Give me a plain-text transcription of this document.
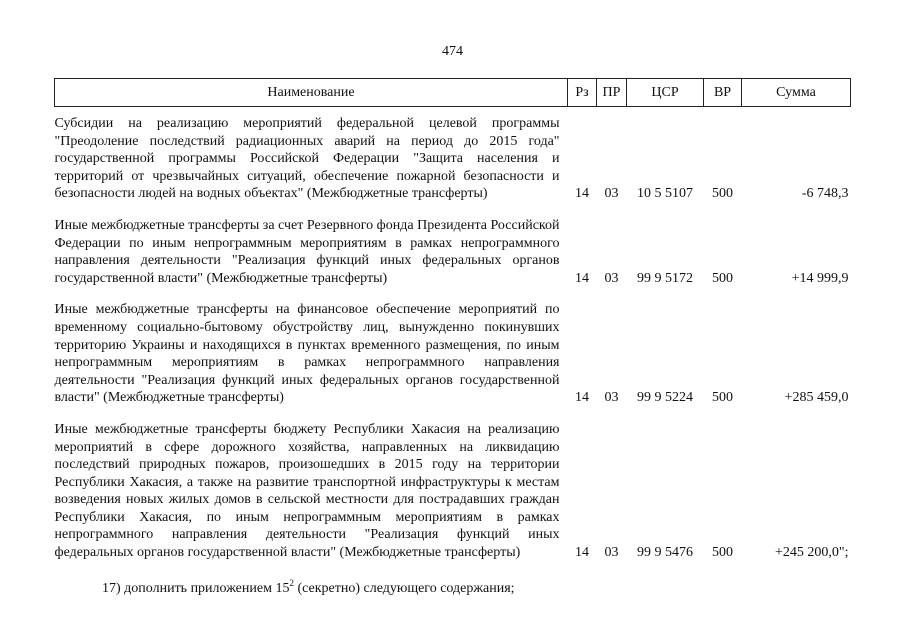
474
Наименование	Рз	ПР	ЦСР	ВР	Сумма
Субсидии на реализацию мероприятий федеральной целевой программы "Преодоление последствий радиационных аварий на период до 2015 года" государственной программы Российской Федерации "Защита населения и территорий от чрезвычайных ситуаций, обеспечение пожарной безопасности и безопасности людей на водных объектах" (Межбюджетные трансферты)	14	03	10 5 5107	500	-6 748,3
Иные межбюджетные трансферты за счет Резервного фонда Президента Российской Федерации по иным непрограммным мероприятиям в рамках непрограммного направления деятельности "Реализация функций иных федеральных органов государственной власти" (Межбюджетные трансферты)	14	03	99 9 5172	500	+14 999,9
Иные межбюджетные трансферты на финансовое обеспечение мероприятий по временному социально-бытовому обустройству лиц, вынужденно покинувших территорию Украины и находящихся в пунктах временного размещения, по иным непрограммным мероприятиям в рамках непрограммного направления деятельности "Реализация функций иных федеральных органов государственной власти" (Межбюджетные трансферты)	14	03	99 9 5224	500	+285 459,0
Иные межбюджетные трансферты бюджету Республики Хакасия на реализацию мероприятий в сфере дорожного хозяйства, направленных на ликвидацию последствий природных пожаров, произошедших в 2015 году на территории Республики Хакасия, а также на развитие транспортной инфраструктуры к местам возведения новых жилых домов в сельской местности для пострадавших граждан Республики Хакасия, по иным непрограммным мероприятиям в рамках непрограммного направления деятельности "Реализация функций иных федеральных органов государственной власти" (Межбюджетные трансферты)	14	03	99 9 5476	500	+245 200,0";
17) дополнить приложением $15^2$ (секретно) следующего содержания;
